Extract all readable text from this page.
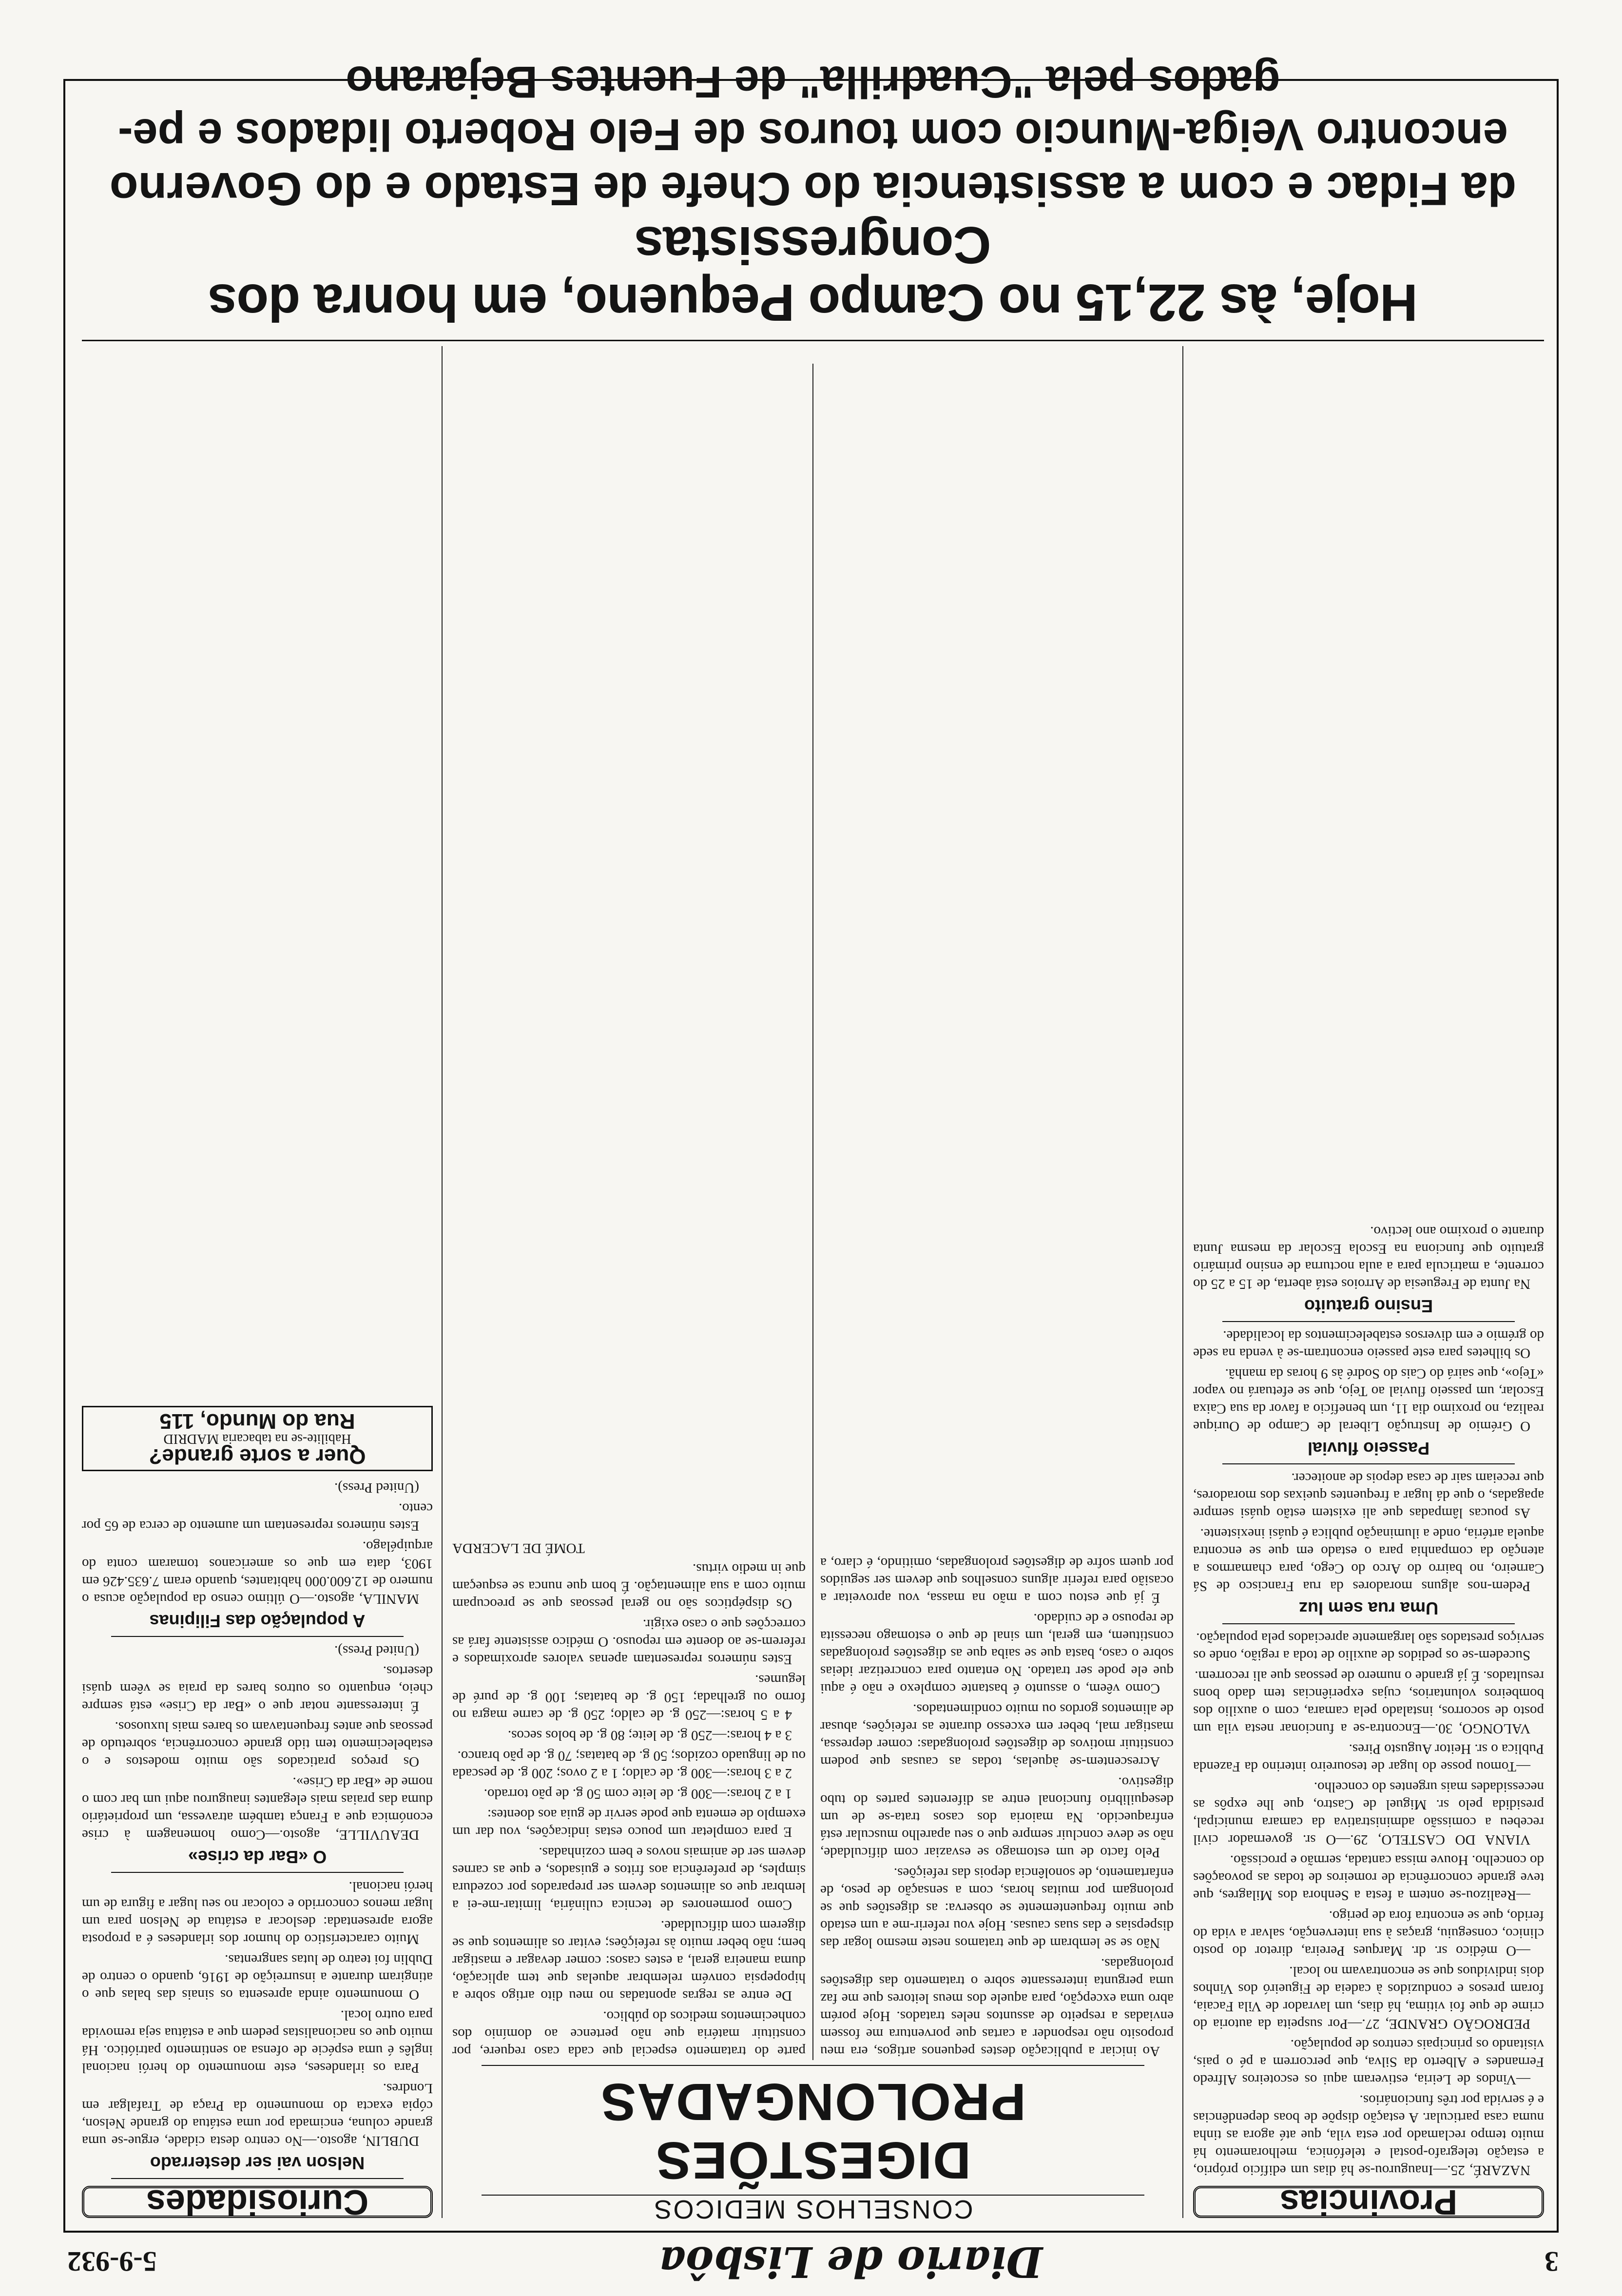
3
Diario de Lisbôa
5-9-932
Provincias

NAZARÉ, 25.—Inaugurou-se há dias um edifício próprio, a estação telegrafo-postal e telefónica, melhoramento há muito tempo reclamado por esta vila, que até agora as tinha numa casa particular. A estação dispõe de boas dependências e é servida por três funcionários.

—Vindos de Leiria, estiveram aqui os escoteiros Alfredo Fernandes e Alberto da Silva, que percorrem a pé o pais, visitando os principais centros de população.

PEDROGÃO GRANDE, 27.—Por suspeita da autoria do crime de que foi vitima, há dias, um lavrador de Vila Facaia, foram presos e conduzidos à cadeia de Figueiró dos Vinhos dois individuos que se encontravam no local.

—O médico sr. dr. Marques Pereira, diretor do posto clinico, conseguiu, graças à sua intervenção, salvar a vida do ferido, que se encontra fora de perigo.

—Realizou-se ontem a festa a Senhora dos Milagres, que teve grande concorrência de romeiros de todas as povoações do concelho. Houve missa cantada, sermão e procissão.

VIANA DO CASTELO, 29.—O sr. governador civil recebeu a comissão administrativa da camara municipal, presidida pelo sr. Miguel de Castro, que lhe expôs as necessidades mais urgentes do concelho.

—Tomou posse do lugar de tesoureiro interino da Fazenda Publica o sr. Heitor Augusto Pires.

VALONGO, 30.—Encontra-se a funcionar nesta vila um posto de socorros, instalado pela camara, com o auxilio dos bombeiros voluntarios, cujas experiências tem dado bons resultados. É já grande o numero de pessoas que ali recorrem.

Sucedem-se os pedidos de auxilio de toda a região, onde os serviços prestados são largamente apreciados pela população.

Uma rua sem luz

Pedem-nos alguns moradores da rua Francisco de Sá Carneiro, no bairro do Arco do Cego, para chamarmos a atenção da companhia para o estado em que se encontra aquela artéria, onde a iluminação publica é quási inexistente.

As poucas lâmpadas que ali existem estão quási sempre apagadas, o que dá lugar a frequentes queixas dos moradores, que receiam sair de casa depois de anoitecer.

Passeio fluvial

O Grémio de Instrução Liberal de Campo de Ourique realiza, no proximo dia 11, um benefício a favor da sua Caixa Escolar, um passeio fluvial ao Tejo, que se efetuará no vapor «Tejo», que sairá do Cais do Sodré às 9 horas da manhã.

Os bilhetes para este passeio encontram-se à venda na sede do grémio e em diversos estabelecimentos da localidade.

Ensino gratuito

Na Junta de Freguesia de Arroios está aberta, de 15 a 25 do corrente, a matricula para a aula nocturna de ensino primário gratuito que funciona na Escola Escolar da mesma Junta durante o proximo ano lectivo.

CONSELHOS MEDICOS
DIGESTÕES PROLONGADAS

Ao iniciar a publicação destes pequenos artigos, era meu proposito não responder a cartas que porventura me fossem enviadas a respeito de assuntos neles tratados. Hoje porém abro uma excepção, para aquele dos meus leitores que me faz uma pergunta interessante sobre o tratamento das digestões prolongadas.

Não se se lembram de que tratamos neste mesmo logar das dispepsias e das suas causas. Hoje vou referir-me a um estado que muito frequentemente se observa: as digestões que se prolongam por muitas horas, com a sensação de peso, de enfartamento, de sonolência depois das refeições.

Pelo facto de um estomago se esvaziar com dificuldade, não se deve concluir sempre que o seu aparelho muscular está enfraquecido. Na maioria dos casos trata-se de um desequilibrio funcional entre as diferentes partes do tubo digestivo.

Acrescentem-se àquelas, todas as causas que podem constituir motivos de digestões prolongadas: comer depressa, mastigar mal, beber em excesso durante as refeições, abusar de alimentos gordos ou muito condimentados.

Como vêem, o assunto é bastante complexo e não é aqui que ele pode ser tratado. No entanto para concretizar ideias sobre o caso, basta que se saiba que as digestões prolongadas constituem, em geral, um sinal de que o estomago necessita de repouso e de cuidado.

É já que estou com a mão na massa, vou aproveitar a ocasião para referir alguns conselhos que devem ser seguidos por quem sofre de digestões prolongadas, omitindo, é claro, a parte do tratamento especial que cada caso requere, por constituir matéria que não pertence ao domínio dos conhecimentos medicos do público.

De entre as regras apontadas no meu dito artigo sobre a hipopepsia convém relembrar aquelas que tem aplicação, duma maneira geral, a estes casos: comer devagar e mastigar bem; não beber muito às refeições; evitar os alimentos que se digerem com dificuldade.

Como pormenores de tecnica culinária, limitar-me-ei a lembrar que os alimentos devem ser preparados por cozedura simples, de preferência aos fritos e guisados, e que as carnes devem ser de animais novos e bem cozinhadas.

E para completar um pouco estas indicações, vou dar um exemplo de ementa que pode servir de guia aos doentes:

1 a 2 horas:—300 g. de leite com 50 g. de pão torrado.

2 a 3 horas:—300 g. de caldo; 1 a 2 ovos; 200 g. de pescada ou de linguado cozidos; 50 g. de batatas; 70 g. de pão branco.

3 a 4 horas:—250 g. de leite; 80 g. de bolos secos.

4 a 5 horas:—250 g. de caldo; 250 g. de carne magra no forno ou grelhada; 150 g. de batatas; 100 g. de puré de legumes.

Estes números representam apenas valores aproximados e referem-se ao doente em repouso. O médico assistente fará as correcções que o caso exigir.

Os dispépticos são no geral pessoas que se preocupam muito com a sua alimentação. É bom que nunca se esqueçam que in medio virtus.

TOMÉ DE LACERDA
Curiosidades
Nelson vai ser desterrado

DUBLIN, agosto.—No centro desta cidade, ergue-se uma grande coluna, encimada por uma estátua do grande Nelson, cópia exacta do monumento da Praça de Trafalgar em Londres.

Para os irlandeses, este monumento do herói nacional inglês é uma espécie de ofensa ao sentimento patriótico. Há muito que os nacionalistas pedem que a estátua seja removida para outro local.

O monumento ainda apresenta os sinais das balas que o atingiram durante a insurreição de 1916, quando o centro de Dublin foi teatro de lutas sangrentas.

Muito característico do humor dos irlandeses é a proposta agora apresentada: deslocar a estátua de Nelson para um lugar menos concorrido e colocar no seu lugar a figura de um herói nacional.

O «Bar da crise»

DEAUVILLE, agosto.—Como homenagem à crise económica que a França também atravessa, um proprietário duma das praias mais elegantes inaugurou aqui um bar com o nome de «Bar da Crise».

Os preços praticados são muito modestos e o estabelecimento tem tido grande concorrência, sobretudo de pessoas que antes frequentavam os bares mais luxuosos.

É interessante notar que o «Bar da Crise» está sempre cheio, enquanto os outros bares da praia se vêem quási desertos.

(United Press).

A população das Filipinas

MANILA, agosto.—O último censo da população acusa o numero de 12.600.000 habitantes, quando eram 7.635.426 em 1903, data em que os americanos tomaram conta do arquipélago.

Estes números representam um aumento de cerca de 65 por cento.

(United Press).

Quer a sorte grande?
Habilite-se na tabacaria MADRID
Rua do Mundo, 115
Hoje, às 22,15 no Campo Pequeno, em honra dos Congressistas
da Fidac e com a assistencia do Chefe de Estado e do Governo
encontro Veiga-Muncio com touros de Felo Roberto lidados e pe-
gados pela "Cuadrilla" de Fuentes Bejarano
